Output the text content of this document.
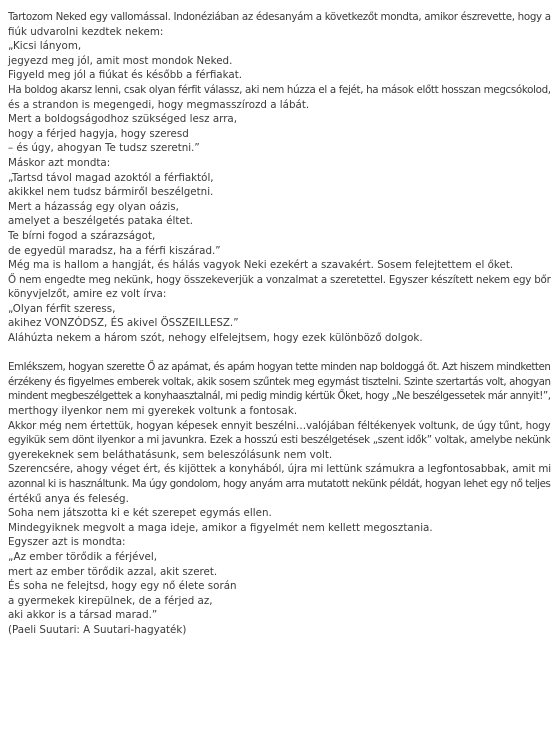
Tartozom Neked egy vallomással. Indonéziában az édesanyám a következőt mondta, amikor észrevette, hogy a
fiúk udvarolni kezdtek nekem:
„Kicsi lányom,
jegyezd meg jól, amit most mondok Neked.
Figyeld meg jól a fiúkat és később a férfiakat.
Ha boldog akarsz lenni, csak olyan férfit válassz, aki nem húzza el a fejét, ha mások előtt hosszan megcsókolod,
és a strandon is megengedi, hogy megmasszírozd a lábát.
Mert a boldogságodhoz szükséged lesz arra,
hogy a férjed hagyja, hogy szeresd
– és úgy, ahogyan Te tudsz szeretni.”
Máskor azt mondta:
„Tartsd távol magad azoktól a férfiaktól,
akikkel nem tudsz bármiről beszélgetni.
Mert a házasság egy olyan oázis,
amelyet a beszélgetés pataka éltet.
Te bírni fogod a szárazságot,
de egyedül maradsz, ha a férfi kiszárad.”
Még ma is hallom a hangját, és hálás vagyok Neki ezekért a szavakért. Sosem felejtettem el őket.
Ő nem engedte meg nekünk, hogy összekeverjük a vonzalmat a szeretettel. Egyszer készített nekem egy bőr
könyvjelzőt, amire ez volt írva:
„Olyan férfit szeress,
akihez VONZÓDSZ, ÉS akivel ÖSSZEILLESZ.”
Aláhúzta nekem a három szót, nehogy elfelejtsem, hogy ezek különböző dolgok.
Emlékszem, hogyan szerette Ő az apámat, és apám hogyan tette minden nap boldoggá őt. Azt hiszem mindketten
érzékeny és figyelmes emberek voltak, akik sosem szűntek meg egymást tisztelni. Szinte szertartás volt, ahogyan
mindent megbeszélgettek a konyhaasztalnál, mi pedig mindig kértük Őket, hogy „Ne beszélgessetek már annyit!”,
merthogy ilyenkor nem mi gyerekek voltunk a fontosak.
Akkor még nem értettük, hogyan képesek ennyit beszélni…valójában féltékenyek voltunk, de úgy tűnt, hogy
egyikük sem dönt ilyenkor a mi javunkra. Ezek a hosszú esti beszélgetések „szent idők” voltak, amelybe nekünk
gyerekeknek sem beláthatásunk, sem beleszólásunk nem volt.
Szerencsére, ahogy véget ért, és kijöttek a konyhából, újra mi lettünk számukra a legfontosabbak, amit mi
azonnal ki is használtunk. Ma úgy gondolom, hogy anyám arra mutatott nekünk példát, hogyan lehet egy nő teljes
értékű anya és feleség.
Soha nem játszotta ki e két szerepet egymás ellen.
Mindegyiknek megvolt a maga ideje, amikor a figyelmét nem kellett megosztania.
Egyszer azt is mondta:
„Az ember törődik a férjével,
mert az ember törődik azzal, akit szeret.
És soha ne felejtsd, hogy egy nő élete során
a gyermekek kirepülnek, de a férjed az,
aki akkor is a társad marad.”
(Paeli Suutari: A Suutari-hagyaték)
